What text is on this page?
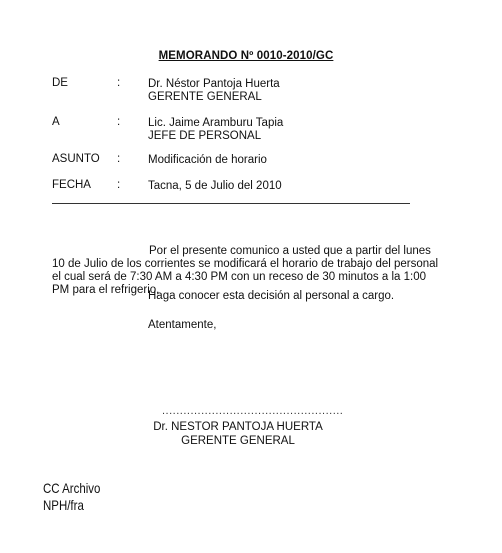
MEMORANDO Nº 0010-2010/GC
DE	: Dr. Néstor Pantoja Huerta
GERENTE GENERAL
A	: Lic. Jaime Aramburu Tapia
JEFE DE PERSONAL
ASUNTO : Modificación de horario
FECHA : Tacna, 5 de Julio del 2010
Por el presente comunico a usted que a partir del lunes 10 de Julio de los corrientes se modificará el horario de trabajo del personal el cual será de 7:30 AM a 4:30 PM con un receso de 30 minutos a la 1:00 PM para el refrigerio.
Haga conocer esta decisión al personal a cargo.
Atentamente,
...................................................
Dr. NESTOR PANTOJA HUERTA
GERENTE GENERAL
CC Archivo
NPH/fra
